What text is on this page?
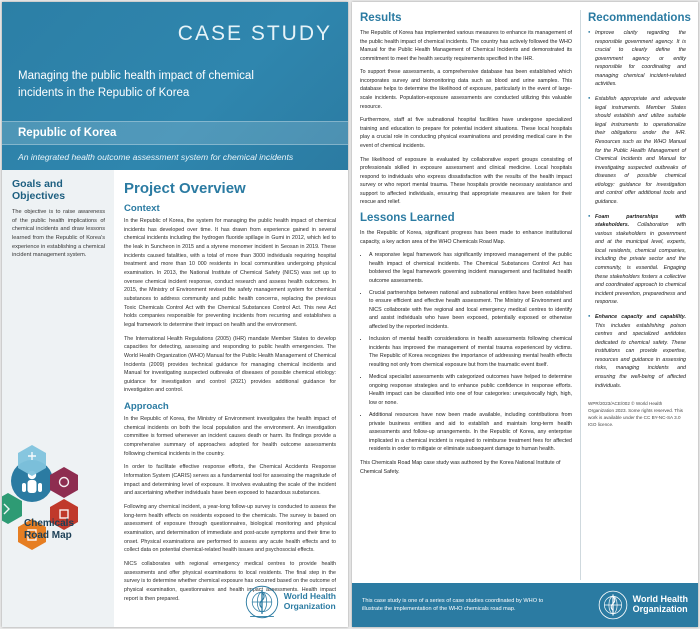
CASE STUDY
Managing the public health impact of chemical incidents in the Republic of Korea
Republic of Korea
An integrated health outcome assessment system for chemical incidents
Goals and Objectives
The objective is to raise awareness of the public health implications of chemical incidents and draw lessons learned from the Republic of Korea's experience in establishing a chemical incident management system.
Chemicals
Road Map
Project Overview
Context

In the Republic of Korea, the system for managing the public health impact of chemical incidents has developed over time. It has drawn from experience gained in several chemical incidents including the hydrogen fluoride spillage in Gumi in 2012, which led to the leak in Suncheon in 2015 and a styrene monomer incident in Seosan in 2019. These incidents caused fatalities, with a total of more than 3000 individuals requiring hospital treatment and more than 10 000 residents in local communities undergoing physical examination. In 2013, the National Institute of Chemical Safety (NICS) was set up to oversee chemical incident response, conduct research and assess health outcomes. In 2015, the Ministry of Environment revised the safety management system for chemical substances to address community and public health concerns, replacing the previous Toxic Chemicals Control Act with the Chemical Substances Control Act. This new Act holds companies responsible for preventing incidents from recurring and establishes a legal framework to determine their impact on health and the environment.

The International Health Regulations (2005) (IHR) mandate Member States to develop capacities for detecting, assessing and responding to public health emergencies. The World Health Organization (WHO) Manual for the Public Health Management of Chemical Incidents (2009) provides technical guidance for managing chemical incidents and Manual for investigating suspected outbreaks of diseases of possible chemical etiology: guidance for investigation and control (2021) provides additional guidance for investigation and control.

Approach

In the Republic of Korea, the Ministry of Environment investigates the health impact of chemical incidents on both the local population and the environment. An investigation committee is formed whenever an incident causes death or harm. Its findings provide a comprehensive summary of approaches adopted for health outcome assessments following chemical incidents in the country.

In order to facilitate effective response efforts, the Chemical Accidents Response Information System (CARIS) serves as a fundamental tool for assessing the magnitude of impact and determining level of exposure. It involves evaluating the scale of the incident and ascertaining whether individuals have been exposed to hazardous substances.

Following any chemical incident, a year-long follow-up survey is conducted to assess the long-term health effects on residents exposed to the chemicals. The survey is based on assessment of exposure through questionnaires, biological monitoring and physical examination, and determination of immediate and post-acute symptoms and their time to onset. Physical examinations are performed to assess any acute health effects and to collect data on potential chemical-related health issues and psychosocial effects.

NICS collaborates with regional emergency medical centres to provide health assessments and offer physical examinations to local residents. The final step in the survey is to determine whether chemical exposure has occurred based on the outcome of physical examination, questionnaires and health impact assessments. Health impact report is then prepared.	World Health
Organization
Results

The Republic of Korea has implemented various measures to enhance its management of the public health impact of chemical incidents. The country has actively followed the WHO Manual for the Public Health Management of Chemical Incidents and demonstrated its commitment to meet the health security requirements specified in the IHR.

To support these assessments, a comprehensive database has been established which incorporates survey and biomonitoring data such as blood and urine samples. This database helps to determine the likelihood of exposure, particularly in the event of large-scale incidents. Population-exposure assessments are conducted utilizing this valuable resource.

Furthermore, staff at five subnational hospital facilities have undergone specialized training and education to prepare for potential incident situations. These local hospitals play a crucial role in conducting physical examinations and providing medical care in the event of chemical incidents.

The likelihood of exposure is evaluated by collaborative expert groups consisting of professionals skilled in exposure assessment and clinical medicine. Local hospitals respond to individuals who express dissatisfaction with the results of the health impact survey or who report mental trauma. These hospitals provide necessary assistance and support to affected individuals, ensuring that appropriate measures are taken for their rescue and relief.

Lessons Learned

In the Republic of Korea, significant progress has been made to enhance institutional capacity, a key action area of the WHO Chemicals Road Map.

• A responsive legal framework has significantly improved management of the public health impact of chemical incidents. The Chemical Substances Control Act has bolstered the legal framework governing incident management and facilitated health outcome assessments.
• Crucial partnerships between national and subnational entities have been established to ensure efficient and effective health assessment. The Ministry of Environment and NICS collaborate with five regional and local emergency medical centres to identify and assist individuals who have been exposed, potentially exposed or otherwise affected by the reported incidents.
• Inclusion of mental health considerations in health assessments following chemical incidents has improved the management of mental trauma experienced by victims. The Republic of Korea recognizes the importance of addressing mental health effects resulting not only from chemical exposure but from the traumatic event itself.
• Medical specialist assessments with categorized outcomes have helped to determine ongoing response strategies and to enhance public confidence in response efforts. Health impact can be classified into one of four categories: unequivocally high, high, low or none.
• Additional resources have now been made available, including contributions from private business entities and aid to establish and maintain long-term health assessments and follow-up arrangements. In the Republic of Korea, any enterprise implicated in a chemical incident is required to reimburse treatment fees for affected residents in order to mitigate or eliminate subsequent damage to human health.
This Chemicals Road Map case study was authored by the Korea National Institute of Chemical Safety.
Recommendations
● Improve clarity regarding the responsible government agency. It is crucial to clearly define the government agency or entity responsible for coordinating and managing chemical incident-related activities.
● Establish appropriate and adequate legal instruments. Member States should establish and utilize suitable legal instruments to operationalize their obligations under the IHR. Resources such as the WHO Manual for the Public Health Management of Chemical Incidents and Manual for investigating suspected outbreaks of diseases of possible chemical etiology: guidance for investigation and control offer additional tools and guidance.
● Foam partnerships with stakeholders. Collaboration with various stakeholders in government and at the municipal level, experts, local residents, chemical companies, including the private sector and the community, is essential. Engaging these stakeholders fosters a collective and coordinated approach to chemical incident prevention, preparedness and response.
● Enhance capacity and capability. This includes establishing poison centres and specialized antidotes dedicated to chemical safety. These institutions can provide expertise, resources and guidance in assessing risks, managing incidents and ensuring the well-being of affected individuals.
WPR/2023/ACE/002 © World Health Organization 2023. Some rights reserved. This work is available under the CC BY-NC-SA 3.0 IGO licence.
This case study is one of a series of case studies coordinated by WHO to illustrate the implementation of the WHO chemicals road map.
World Health
Organization
